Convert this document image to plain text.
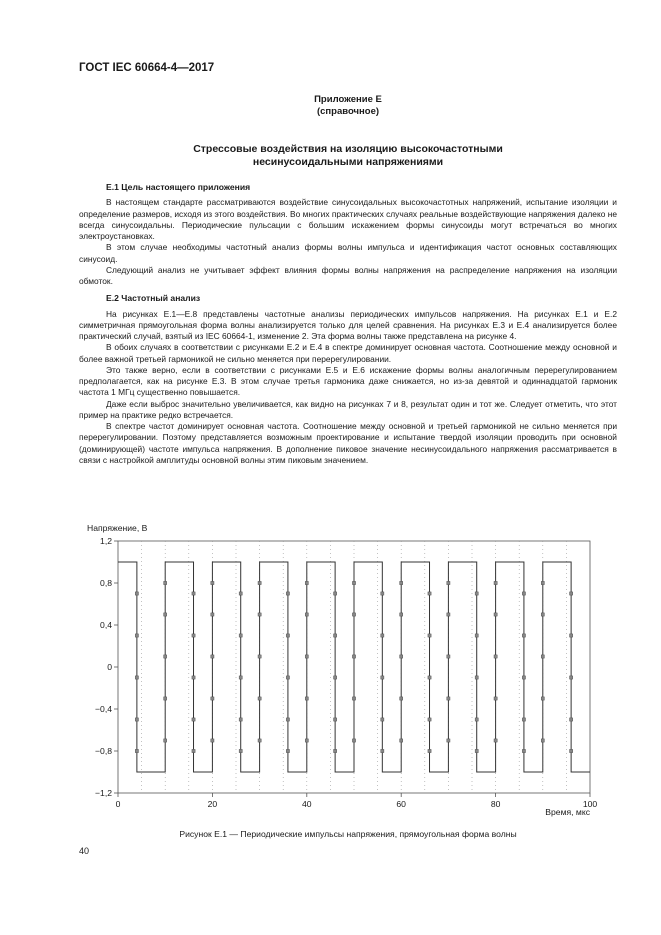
ГОСТ IEC 60664-4—2017
Приложение Е
(справочное)
Стрессовые воздействия на изоляцию высокочастотными
несинусоидальными напряжениями
Е.1 Цель настоящего приложения

В настоящем стандарте рассматриваются воздействие синусоидальных высокочастотных напряжений, испытание изоляции и определение размеров, исходя из этого воздействия. Во многих практических случаях реальные воздействующие напряжения далеко не всегда синусоидальны. Периодические пульсации с большим искажением формы синусоиды могут встречаться во многих электроустановках.

В этом случае необходимы частотный анализ формы волны импульса и идентификация частот основных составляющих синусоид.

Следующий анализ не учитывает эффект влияния формы волны напряжения на распределение напряжения на изоляции обмоток.

Е.2 Частотный анализ

На рисунках Е.1—Е.8 представлены частотные анализы периодических импульсов напряжения. На рисунках Е.1 и Е.2 симметричная прямоугольная форма волны анализируется только для целей сравнения. На рисунках Е.3 и Е.4 анализируется более практический случай, взятый из IEC 60664-1, изменение 2. Эта форма волны также представлена на рисунке 4.

В обоих случаях в соответствии с рисунками Е.2 и Е.4 в спектре доминирует основная частота. Соотношение между основной и более важной третьей гармоникой не сильно меняется при перерегулировании.

Это также верно, если в соответствии с рисунками Е.5 и Е.6 искажение формы волны аналогичным перерегулированием предполагается, как на рисунке Е.3. В этом случае третья гармоника даже снижается, но из-за девятой и одиннадцатой гармоник частота 1 МГц существенно повышается.

Даже если выброс значительно увеличивается, как видно на рисунках 7 и 8, результат один и тот же. Следует отметить, что этот пример на практике редко встречается.

В спектре частот доминирует основная частота. Соотношение между основной и третьей гармоникой не сильно меняется при перерегулировании. Поэтому представляется возможным проектирование и испытание твердой изоляции проводить при основной (доминирующей) частоте импульса напряжения. В дополнение пиковое значение несинусоидального напряжения рассматривается в связи с настройкой амплитуды основной волны этим пиковым значением.

Напряжение, В
Время, мкс
0	20	40	60	80	100
1,2
0,8
0,4
0
−0,4
−0,8
−1,2
Рисунок Е.1 — Периодические импульсы напряжения, прямоугольная форма волны
40
